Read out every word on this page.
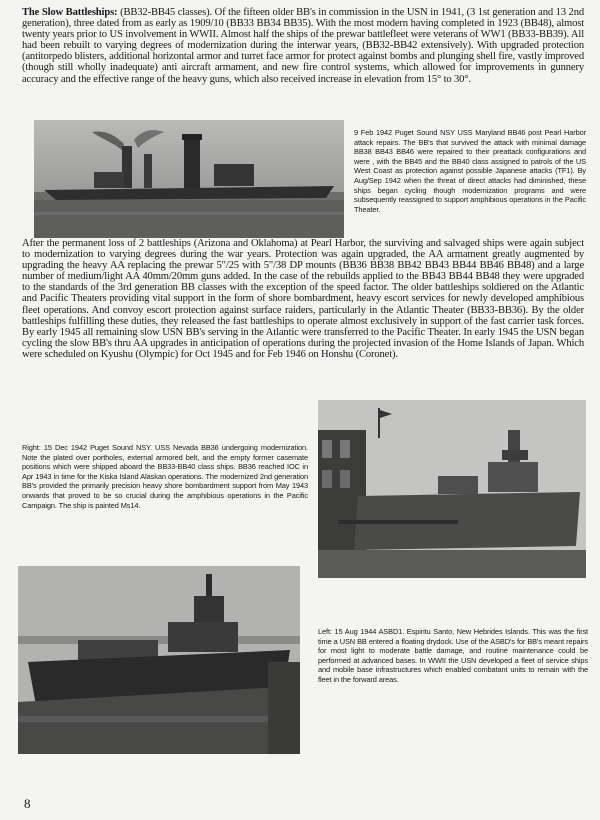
The Slow Battleships: (BB32-BB45 classes). Of the fifteen older BB's in commission in the USN in 1941, (3 1st generation and 13 2nd generation), three dated from as early as 1909/10 (BB33 BB34 BB35). With the most modern having completed in 1923 (BB48), almost twenty years prior to US involvement in WWII. Almost half the ships of the prewar battlefleet were veterans of WW1 (BB33-BB39). All had been rebuilt to varying degrees of modernization during the interwar years, (BB32-BB42 extensively). With upgraded protection (antitorpedo blisters, additional horizontal armor and turret face armor for protect against bombs and plunging shell fire, vastly improved (though still wholly inadequate) anti aircraft armament, and new fire control systems, which allowed for improvements in gunnery accuracy and the effective range of the heavy guns, which also received increase in elevation from 15° to 30°.

9 Feb 1942 Puget Sound NSY USS Maryland BB46 post Pearl Harbor attack repairs. The BB's that survived the attack with minimal damage BB38 BB43 BB46 were repaired to their preattack configurations and were , with the BB45 and the BB40 class assigned to patrols of the US West Coast as protection against possible Japanese attacks (TF1). By Aug/Sep 1942 when the threat of direct attacks had diminished, these ships began cycling though modernization programs and were subsequently reassigned to support amphibious operations in the Pacific Theater.

After the permanent loss of 2 battleships (Arizona and Oklahoma) at Pearl Harbor, the surviving and salvaged ships were again subject to modernization to varying degrees during the war years. Protection was again upgraded, the AA armament greatly augmented by upgrading the heavy AA replacing the prewar 5"/25 with 5"/38 DP mounts (BB36 BB38 BB42 BB43 BB44 BB46 BB48) and a large number of medium/light AA 40mm/20mm guns added. In the case of the rebuilds applied to the BB43 BB44 BB48 they were upgraded to the standards of the 3rd generation BB classes with the exception of the speed factor. The older battleships soldiered on the Atlantic and Pacific Theaters providing vital support in the form of shore bombardment, heavy escort services for newly developed amphibious fleet operations. And convoy escort protection against surface raiders, particularly in the Atlantic Theater (BB33-BB36). By the older battleships fulfilling these duties, they released the fast battleships to operate almost exclusively in support of the fast carrier task forces. By early 1945 all remaining slow USN BB's serving in the Atlantic were transferred to the Pacific Theater. In early 1945 the USN began cycling the slow BB's thru AA upgrades in anticipation of operations during the projected invasion of the Home Islands of Japan. Which were scheduled on Kyushu (Olympic) for Oct 1945 and for Feb 1946 on Honshu (Coronet).

Right: 15 Dec 1942 Puget Sound NSY. USS Nevada BB36 undergoing modernization. Note the plated over portholes, external armored belt, and the empty former casemate positions which were shipped aboard the BB33-BB40 class ships. BB36 reached IOC in Apr 1943 in time for the Kiska Island Alaskan operations. The modernized 2nd generation BB's provided the primarily precision heavy shore bombardment support from May 1943 onwards that proved to be so crucial during the amphibious operations in the Pacific Campaign. The ship is painted Ms14.

Left: 15 Aug 1944 ASBD1. Espiritu Santo, New Hebrides Islands. This was the first time a USN BB entered a floating drydock. Use of the ASBD's for BB's meant repairs for most light to moderate battle damage, and routine maintenance could be performed at advanced bases. In WWII the USN developed a fleet of service ships and mobile base infrastructures which enabled combatant units to remain with the fleet in the forward areas.

8
